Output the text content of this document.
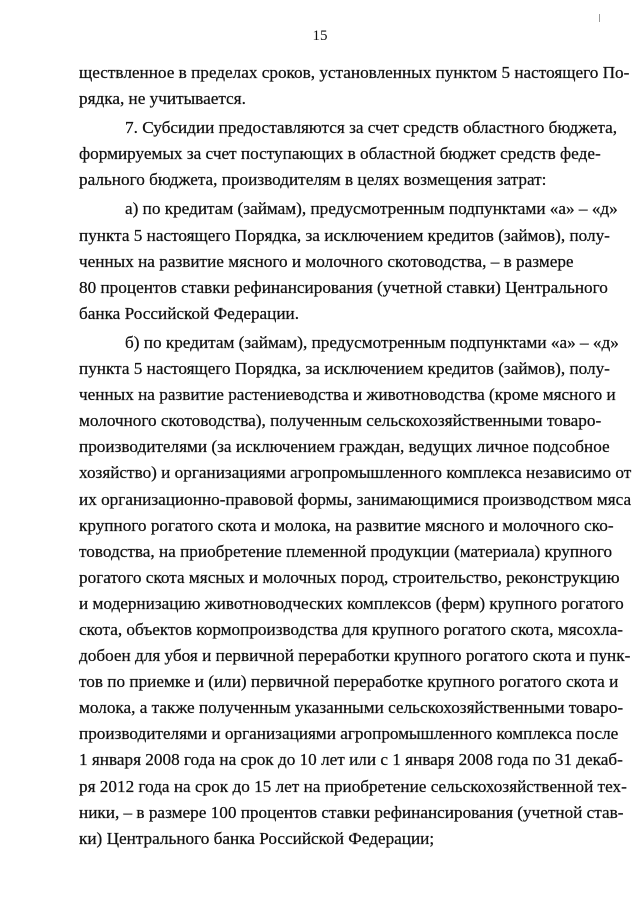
15
ществленное в пределах сроков, установленных пунктом 5 настоящего По-
рядка, не учитывается.
7. Субсидии предоставляются за счет средств областного бюджета,
формируемых за счет поступающих в областной бюджет средств феде-
рального бюджета, производителям в целях возмещения затрат:
а) по кредитам (займам), предусмотренным подпунктами «а» – «д»
пункта 5 настоящего Порядка, за исключением кредитов (займов), полу-
ченных на развитие мясного и молочного скотоводства, – в размере
80 процентов ставки рефинансирования (учетной ставки) Центрального
банка Российской Федерации.
б) по кредитам (займам), предусмотренным подпунктами «а» – «д»
пункта 5 настоящего Порядка, за исключением кредитов (займов), полу-
ченных на развитие растениеводства и животноводства (кроме мясного и
молочного скотоводства), полученным сельскохозяйственными товаро-
производителями (за исключением граждан, ведущих личное подсобное
хозяйство) и организациями агропромышленного комплекса независимо от
их организационно-правовой формы, занимающимися производством мяса
крупного рогатого скота и молока, на развитие мясного и молочного ско-
товодства, на приобретение племенной продукции (материала) крупного
рогатого скота мясных и молочных пород, строительство, реконструкцию
и модернизацию животноводческих комплексов (ферм) крупного рогатого
скота, объектов кормопроизводства для крупного рогатого скота, мясохла-
добоен для убоя и первичной переработки крупного рогатого скота и пунк-
тов по приемке и (или) первичной переработке крупного рогатого скота и
молока, а также полученным указанными сельскохозяйственными товаро-
производителями и организациями агропромышленного комплекса после
1 января 2008 года на срок до 10 лет или с 1 января 2008 года по 31 декаб-
ря 2012 года на срок до 15 лет на приобретение сельскохозяйственной тех-
ники, – в размере 100 процентов ставки рефинансирования (учетной став-
ки) Центрального банка Российской Федерации;
